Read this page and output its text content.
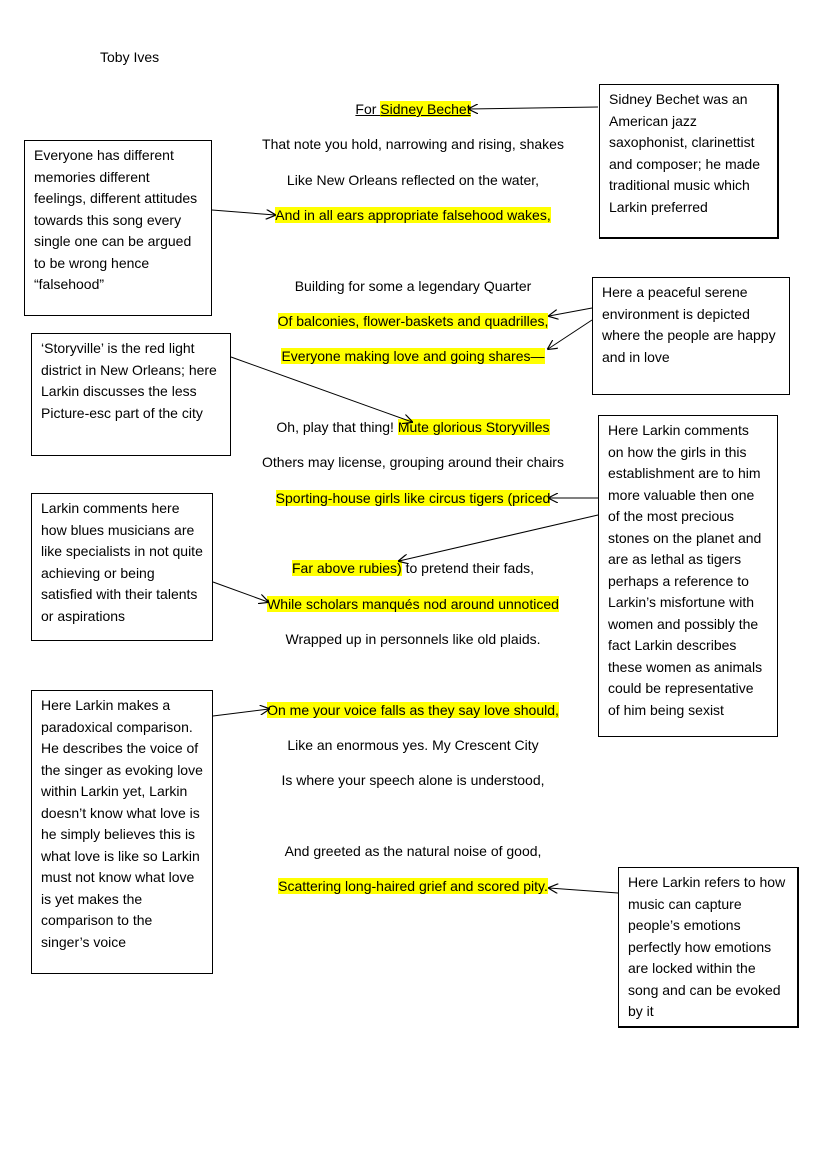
Toby Ives
For Sidney Bechet
That note you hold, narrowing and rising, shakes
Like New Orleans reflected on the water,
And in all ears appropriate falsehood wakes,
Building for some a legendary Quarter
Of balconies, flower-baskets and quadrilles,
Everyone making love and going shares—
Oh, play that thing! Mute glorious Storyvilles
Others may license, grouping around their chairs
Sporting-house girls like circus tigers (priced
Far above rubies) to pretend their fads,
While scholars manqués nod around unnoticed
Wrapped up in personnels like old plaids.
On me your voice falls as they say love should,
Like an enormous yes. My Crescent City
Is where your speech alone is understood,
And greeted as the natural noise of good,
Scattering long-haired grief and scored pity.
Sidney Bechet was an American jazz saxophonist, clarinettist and composer; he made traditional music which Larkin preferred
Everyone has different memories different feelings, different attitudes towards this song every single one can be argued to be wrong hence “falsehood”	Here a peaceful serene environment is depicted where the people are happy and in love
‘Storyville’ is the red light district in New Orleans; here Larkin discusses the less Picture-esc part of the city
Here Larkin comments on how the girls in this establishment are to him more valuable then one of the most precious stones on the planet and are as lethal as tigers perhaps a reference to Larkin’s misfortune with women and possibly the fact Larkin describes these women as animals could be representative of him being sexist
Larkin comments here how blues musicians are like specialists in not quite achieving or being satisfied with their talents or aspirations
Here Larkin makes a paradoxical comparison. He describes the voice of the singer as evoking love within Larkin yet, Larkin doesn’t know what love is he simply believes this is what love is like so Larkin must not know what love is yet makes the comparison to the singer’s voice
Here Larkin refers to how music can capture people’s emotions perfectly how emotions are locked within the song and can be evoked by it
